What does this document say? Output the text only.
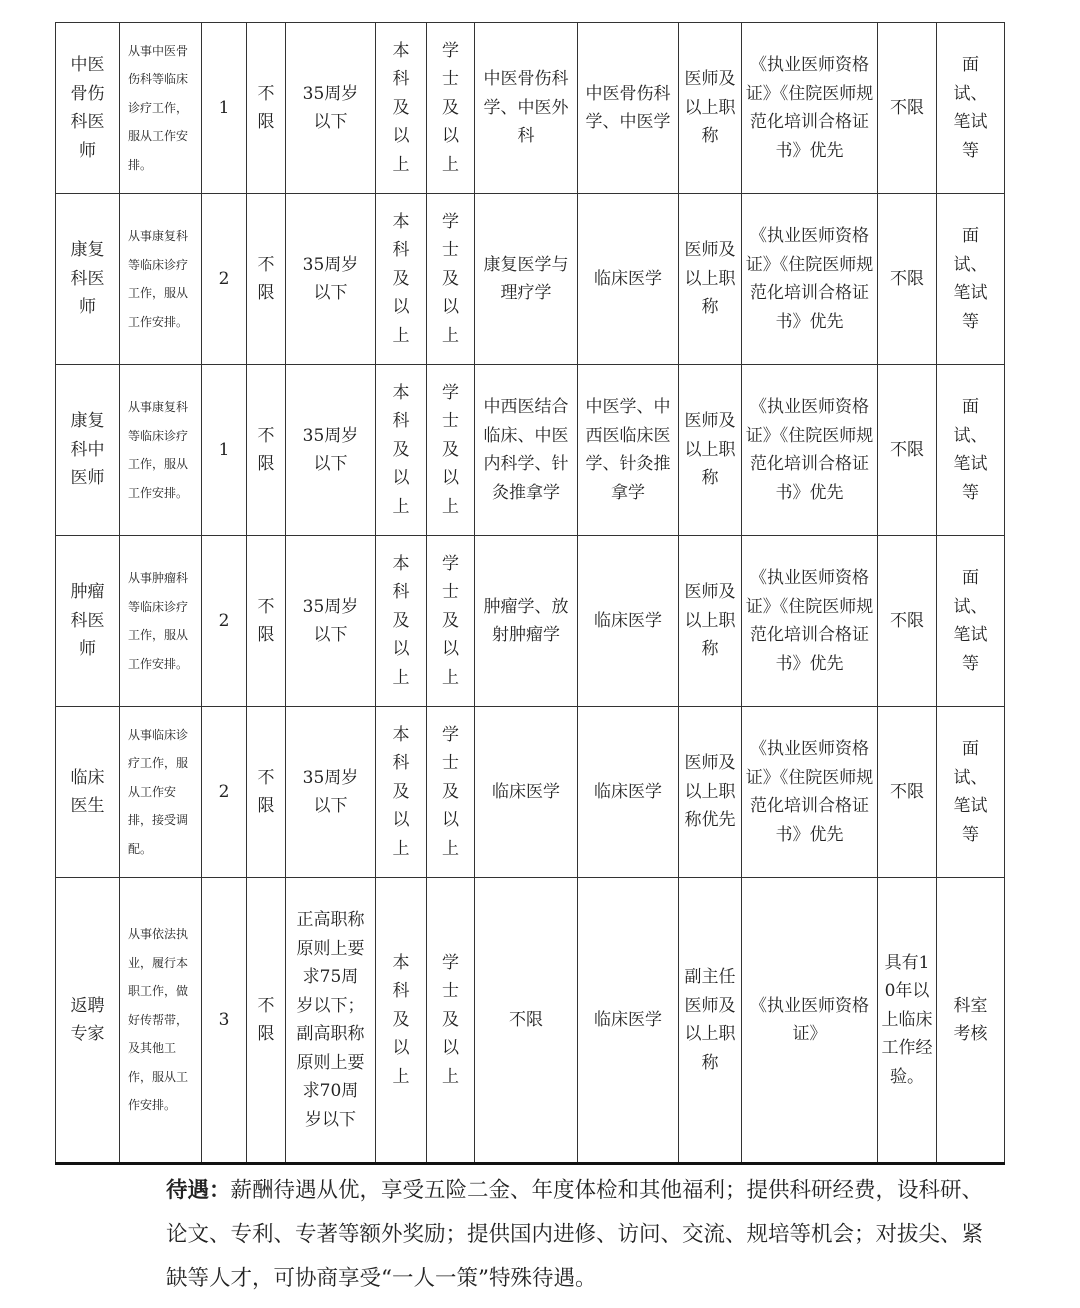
中医骨伤科医师	从事中医骨伤科等临床诊疗工作，服从工作安排。	1	不限	35周岁以下	本科及以上	学士及以上	中医骨伤科学、中医外科	中医骨伤科学、中医学	医师及以上职称	《执业医师资格证》《住院医师规范化培训合格证书》优先	不限	面试、笔试等
康复科医师	从事康复科等临床诊疗工作，服从工作安排。	2	不限	35周岁以下	本科及以上	学士及以上	康复医学与理疗学	临床医学	医师及以上职称	《执业医师资格证》《住院医师规范化培训合格证书》优先	不限	面试、笔试等
康复科中医师	从事康复科等临床诊疗工作，服从工作安排。	1	不限	35周岁以下	本科及以上	学士及以上	中西医结合临床、中医内科学、针灸推拿学	中医学、中西医临床医学、针灸推拿学	医师及以上职称	《执业医师资格证》《住院医师规范化培训合格证书》优先	不限	面试、笔试等
肿瘤科医师	从事肿瘤科等临床诊疗工作，服从工作安排。	2	不限	35周岁以下	本科及以上	学士及以上	肿瘤学、放射肿瘤学	临床医学	医师及以上职称	《执业医师资格证》《住院医师规范化培训合格证书》优先	不限	面试、笔试等
临床医生	从事临床诊疗工作，服从工作安排，接受调配。	2	不限	35周岁以下	本科及以上	学士及以上	临床医学	临床医学	医师及以上职称优先	《执业医师资格证》《住院医师规范化培训合格证书》优先	不限	面试、笔试等
返聘专家	从事依法执业，履行本职工作，做好传帮带，及其他工作，服从工作安排。	3	不限	正高职称原则上要求75周岁以下；副高职称原则上要求70周岁以下	本科及以上	学士及以上	不限	临床医学	副主任医师及以上职称	《执业医师资格证》	具有10年以上临床工作经验。	科室考核
待遇：薪酬待遇从优，享受五险二金、年度体检和其他福利；提供科研经费，设科研、论文、专利、专著等额外奖励；提供国内进修、访问、交流、规培等机会；对拔尖、紧缺等人才，可协商享受“一人一策”特殊待遇。
